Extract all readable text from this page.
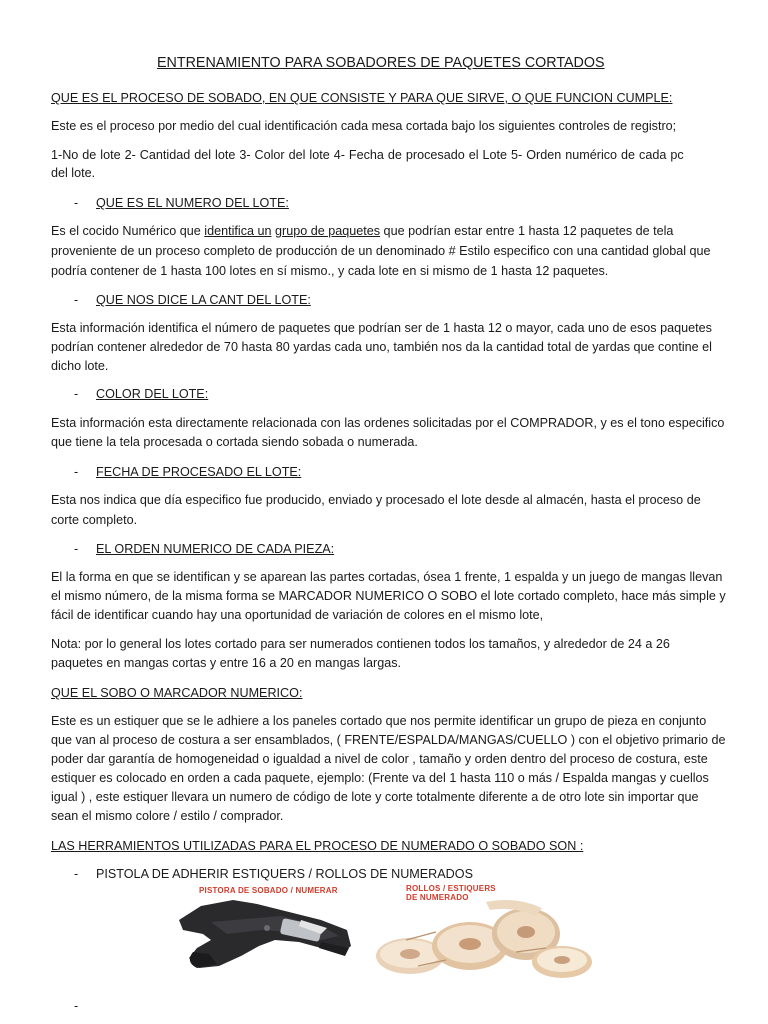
ENTRENAMIENTO PARA SOBADORES DE PAQUETES CORTADOS
QUE ES EL PROCESO DE SOBADO, EN QUE CONSISTE Y PARA QUE SIRVE, O QUE FUNCION CUMPLE:
Este es el proceso por medio del cual identificación cada mesa cortada bajo los siguientes controles de registro;
1-No de lote 2- Cantidad del lote 3- Color del lote 4- Fecha de procesado el Lote 5- Orden numérico de cada pc
del lote.
- QUE ES EL NUMERO DEL LOTE:
Es el cocido Numérico que identifica un grupo de paquetes que podrían estar entre 1 hasta 12 paquetes de tela
proveniente de un proceso completo de producción de un denominado # Estilo especifico con una cantidad global que
podría contener de 1 hasta 100 lotes en sí mismo., y cada lote en si mismo de 1 hasta 12 paquetes.
- QUE NOS DICE LA CANT DEL LOTE:
Esta información identifica el número de paquetes que podrían ser de 1 hasta 12 o mayor, cada uno de esos paquetes
podrían contener alrededor de 70 hasta 80 yardas cada uno, también nos da la cantidad total de yardas que contine el
dicho lote.
- COLOR DEL LOTE:
Esta información esta directamente relacionada con las ordenes solicitadas por el COMPRADOR, y es el tono especifico
que tiene la tela procesada o cortada siendo sobada o numerada.
- FECHA DE PROCESADO EL LOTE:
Esta nos indica que día especifico fue producido, enviado y procesado el lote desde al almacén, hasta el proceso de
corte completo.
- EL ORDEN NUMERICO DE CADA PIEZA:
El la forma en que se identifican y se aparean las partes cortadas, ósea 1 frente, 1 espalda y un juego de mangas llevan
el mismo número, de la misma forma se MARCADOR NUMERICO O SOBO el lote cortado completo, hace más simple y
fácil de identificar cuando hay una oportunidad de variación de colores en el mismo lote,
Nota: por lo general los lotes cortado para ser numerados contienen todos los tamaños, y alrededor de 24 a 26
paquetes en mangas cortas y entre 16 a 20 en mangas largas.
QUE EL SOBO O MARCADOR NUMERICO:
Este es un estiquer que se le adhiere a los paneles cortado que nos permite identificar un grupo de pieza en conjunto
que van al proceso de costura a ser ensamblados, ( FRENTE/ESPALDA/MANGAS/CUELLO ) con el objetivo primario de
poder dar garantía de homogeneidad o igualdad a nivel de color , tamaño y orden dentro del proceso de costura, este
estiquer es colocado en orden a cada paquete, ejemplo: (Frente va del 1 hasta 110 o más / Espalda mangas y cuellos
igual ) , este estiquer llevara un numero de código de lote y corte totalmente diferente a de otro lote sin importar que
sean el mismo colore / estilo / comprador.
LAS HERRAMIENTOS UTILIZADAS PARA EL PROCESO DE NUMERADO O SOBADO SON :
- PISTOLA DE ADHERIR ESTIQUERS / ROLLOS DE NUMERADOS
PISTORA DE SOBADO / NUMERAR	ROLLOS / ESTIQUERS
DE NUMERADO
-
